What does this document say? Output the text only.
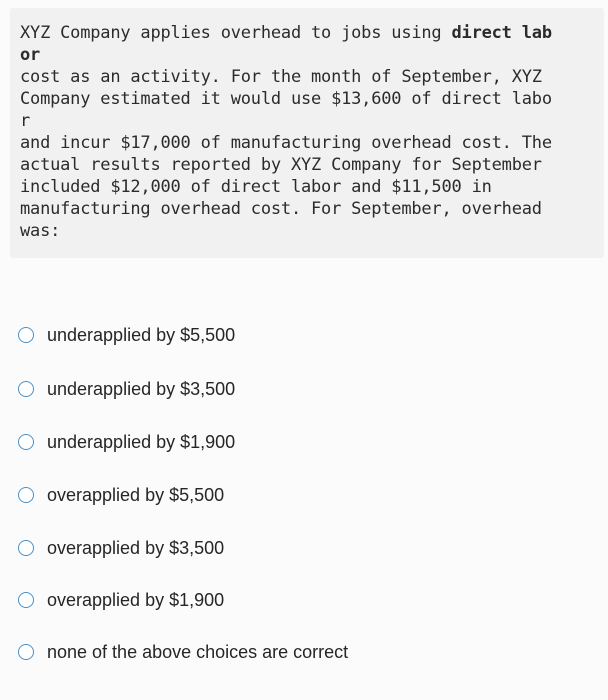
XYZ Company applies overhead to jobs using direct lab
or
cost as an activity. For the month of September, XYZ
Company estimated it would use $13,600 of direct labo
r
and incur $17,000 of manufacturing overhead cost. The
actual results reported by XYZ Company for September
included $12,000 of direct labor and $11,500 in
manufacturing overhead cost. For September, overhead
was:
underapplied by $5,500
underapplied by $3,500
underapplied by $1,900
overapplied by $5,500
overapplied by $3,500
overapplied by $1,900
none of the above choices are correct
